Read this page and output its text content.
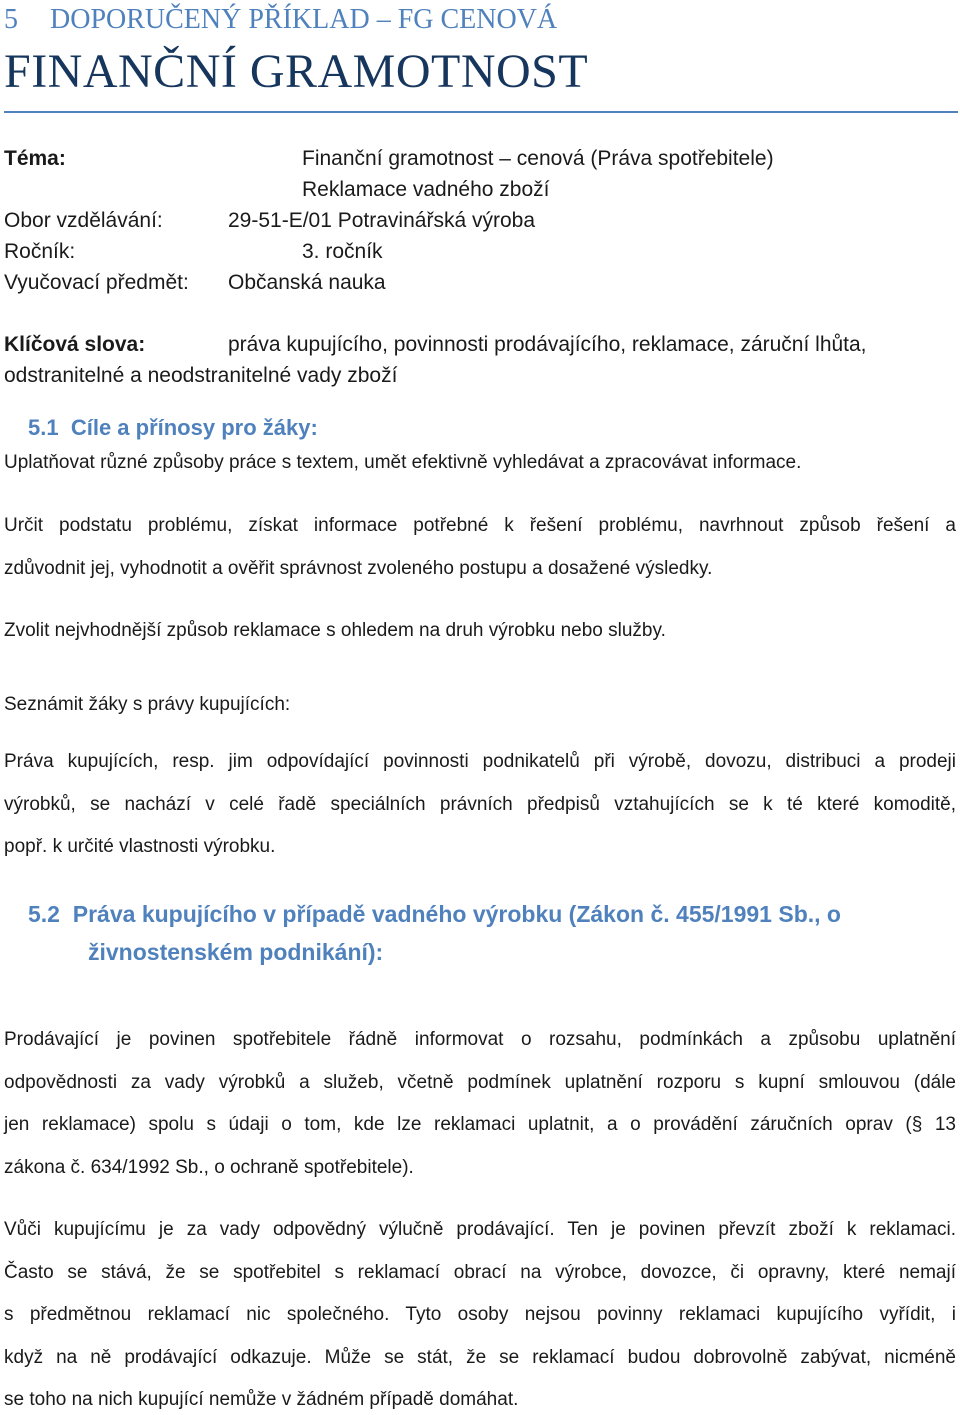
5 DOPORUČENÝ PŘÍKLAD – FG CENOVÁ
FINANČNÍ GRAMOTNOST
Téma:	Finanční gramotnost – cenová (Práva spotřebitele)
Reklamace vadného zboží
Obor vzdělávání:	29-51-E/01 Potravinářská výroba
Ročník:	3. ročník
Vyučovací předmět: Občanská nauka
Klíčová slova:	práva kupujícího, povinnosti prodávajícího, reklamace, záruční lhůta,
odstranitelné a neodstranitelné vady zboží
5.1 Cíle a přínosy pro žáky:
Uplatňovat různé způsoby práce s textem, umět efektivně vyhledávat a zpracovávat informace.
Určit podstatu problému, získat informace potřebné k řešení problému, navrhnout způsob řešení a
zdůvodnit jej, vyhodnotit a ověřit správnost zvoleného postupu a dosažené výsledky.
Zvolit nejvhodnější způsob reklamace s ohledem na druh výrobku nebo služby.
Seznámit žáky s právy kupujících:
Práva kupujících, resp. jim odpovídající povinnosti podnikatelů při výrobě, dovozu, distribuci a prodeji
výrobků, se nachází v celé řadě speciálních právních předpisů vztahujících se k té které komoditě,
popř. k určité vlastnosti výrobku.
5.2 Práva kupujícího v případě vadného výrobku (Zákon č. 455/1991 Sb., o
živnostenském podnikání):
Prodávající je povinen spotřebitele řádně informovat o rozsahu, podmínkách a způsobu uplatnění
odpovědnosti za vady výrobků a služeb, včetně podmínek uplatnění rozporu s kupní smlouvou (dále
jen reklamace) spolu s údaji o tom, kde lze reklamaci uplatnit, a o provádění záručních oprav (§ 13
zákona č. 634/1992 Sb., o ochraně spotřebitele).
Vůči kupujícímu je za vady odpovědný výlučně prodávající. Ten je povinen převzít zboží k reklamaci.
Často se stává, že se spotřebitel s reklamací obrací na výrobce, dovozce, či opravny, které nemají
s předmětnou reklamací nic společného. Tyto osoby nejsou povinny reklamaci kupujícího vyřídit, i
když na ně prodávající odkazuje. Může se stát, že se reklamací budou dobrovolně zabývat, nicméně
se toho na nich kupující nemůže v žádném případě domáhat.
